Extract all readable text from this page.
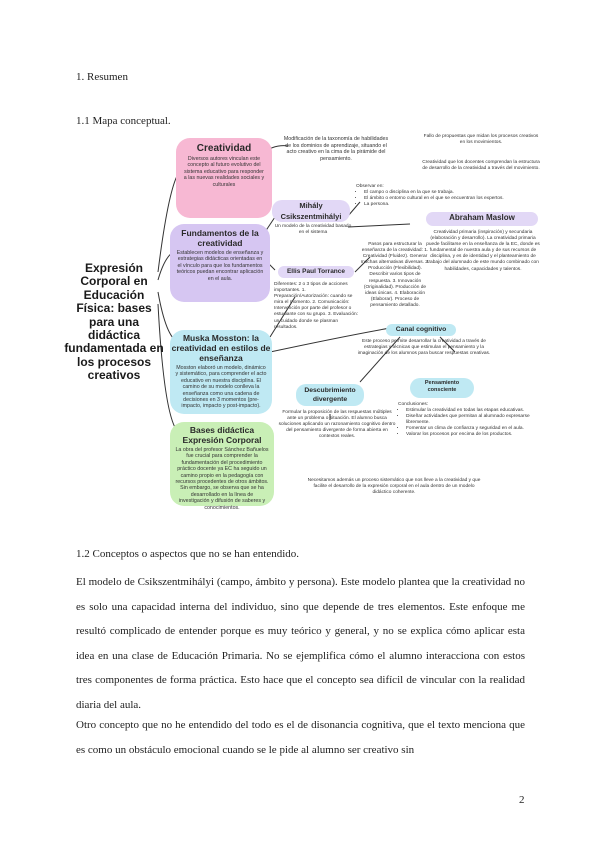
1. Resumen
1.1 Mapa conceptual.
Expresión Corporal en Educación Física: bases para una didáctica fundamentada en los procesos creativos
Creatividad
Diversos autores vinculan este concepto al futuro evolutivo del sistema educativo para responder a las nuevas realidades sociales y culturales
Fundamentos de la creatividad
Establecen modelos de enseñanza y estrategias didácticas orientadas en el vínculo para que los fundamentos teóricos puedan encontrar aplicación en el aula.
Muska Mosston: la creatividad en estilos de enseñanza
Mosston elaboró un modelo, dinámico y sistemático, para comprender el acto educativo en nuestra disciplina. El camino de su modelo conlleva la enseñanza como una cadena de decisiones en 3 momentos (pre-impacto, impacto y post-impacto).
Bases didáctica Expresión Corporal
La obra del profesor Sánchez Bañuelos fue crucial para comprender la fundamentación del procedimiento práctico docente ya EC ha seguido un camino propio en la pedagogía con recursos procedentes de otros ámbitos. Sin embargo, se observa que se ha desarrollado en la línea de investigación y difusión de saberes y conocimientos.
Modificación de la taxonomía de habilidades de los dominios de aprendizaje, situando el acto creativo en la cima de la pirámide del pensamiento.
Fallo de propuestas que midan los procesos creativos en los movimientos.
Creatividad que los docentes comprendan la estructura de desarrollo de la creatividad a través del movimiento.
Mihály Csikszentmihályi
Un modelo de la creatividad basado en el sistema
Observar en:
• El campo o disciplina en la que se trabaja.
• El ámbito o entorno cultural en el que se encuentran los expertos.
• La persona.
Abraham Maslow
Creatividad primaria (inspiración) y secundaria (elaboración y desarrollo). La creatividad primaria puede facilitarse en la enseñanza de la EC, donde es fundamental de nuestra aula y de sus recursos de disciplina, y es de identidad y el planteamiento de trabajo del alumnado de este mundo combinado con habilidades, capacidades y talentos.
Ellis Paul Torrance
Pasos para estructurar la enseñanza de la creatividad: 1. Creatividad (Fluidez). Generar muchas alternativas diversas. 2. Producción (Flexibilidad). Describir varios tipos de respuesta. 3. Innovación (Originalidad). Producción de ideas únicas. 4. Elaboración (Elaborar). Proceso de pensamiento detallado.
Diferentes: 2 o 3 tipos de acciones importantes. 1. Preparación/Autorización: cuando se mira el momento. 2. Comunicación: Intervención por parte del profesor o estudiante con su grupo. 3. Evaluación: un cuidado donde se plasman resultados.	Canal cognitivo
Este proceso permite desarrollar la creatividad a través de estrategias y técnicas que estimulan el pensamiento y la imaginación de los alumnos para buscar respuestas creativas.
Pensamiento consciente
Descubrimiento divergente
Formular la proposición de las respuestas múltiples ante un problema o situación. El alumno busca soluciones aplicando un razonamiento cognitivo dentro del pensamiento divergente de forma abierta en contextos reales.
Conclusiones:
• Estimular la creatividad en todas las etapas educativas.
• Diseñar actividades que permitan al alumnado expresarse libremente.
• Fomentar un clima de confianza y seguridad en el aula.
• Valorar los procesos por encima de los productos.
Necesitamos además un proceso sistemático que nos lleve a la creatividad y que facilite el desarrollo de la expresión corporal en el aula dentro de un modelo didáctico coherente.
1.2 Conceptos o aspectos que no se han entendido.
El modelo de Csikszentmihályi (campo, ámbito y persona). Este modelo plantea que la creatividad no es solo una capacidad interna del individuo, sino que depende de tres elementos. Este enfoque me resultó complicado de entender porque es muy teórico y general, y no se explica cómo aplicar esta idea en una clase de Educación Primaria. No se ejemplifica cómo el alumno interacciona con estos tres componentes de forma práctica. Esto hace que el concepto sea difícil de vincular con la realidad diaria del aula.
Otro concepto que no he entendido del todo es el de disonancia cognitiva, que el texto menciona que es como un obstáculo emocional cuando se le pide al alumno ser creativo sin
2
